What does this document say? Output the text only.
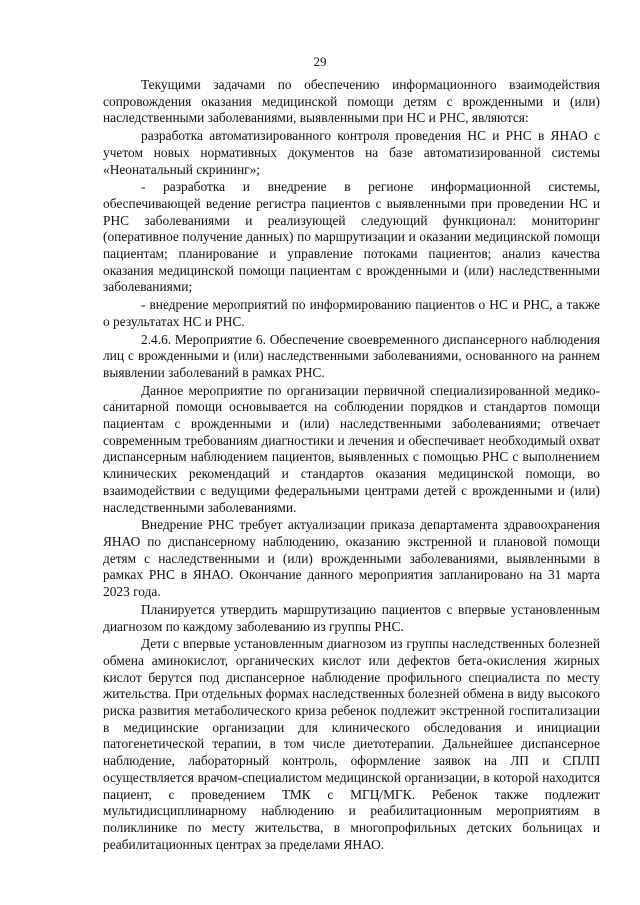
29

Текущими задачами по обеспечению информационного взаимодействия сопровождения оказания медицинской помощи детям с врожденными и (или) наследственными заболеваниями, выявленными при НС и РНС, являются:

разработка автоматизированного контроля проведения НС и РНС в ЯНАО с учетом новых нормативных документов на базе автоматизированной системы «Неонатальный скрининг»;

- разработка и внедрение в регионе информационной системы, обеспечивающей ведение регистра пациентов с выявленными при проведении НС и РНС заболеваниями и реализующей следующий функционал: мониторинг (оперативное получение данных) по маршрутизации и оказании медицинской помощи пациентам; планирование и управление потоками пациентов; анализ качества оказания медицинской помощи пациентам с врожденными и (или) наследственными заболеваниями;

- внедрение мероприятий по информированию пациентов о НС и РНС, а также о результатах НС и РНС.

2.4.6. Мероприятие 6. Обеспечение своевременного диспансерного наблюдения лиц с врожденными и (или) наследственными заболеваниями, основанного на раннем выявлении заболеваний в рамках РНС.

Данное мероприятие по организации первичной специализированной медико-санитарной помощи основывается на соблюдении порядков и стандартов помощи пациентам с врожденными и (или) наследственными заболеваниями; отвечает современным требованиям диагностики и лечения и обеспечивает необходимый охват диспансерным наблюдением пациентов, выявленных с помощью РНС с выполнением клинических рекомендаций и стандартов оказания медицинской помощи, во взаимодействии с ведущими федеральными центрами детей с врожденными и (или) наследственными заболеваниями.

Внедрение РНС требует актуализации приказа департамента здравоохранения ЯНАО по диспансерному наблюдению, оказанию экстренной и плановой помощи детям с наследственными и (или) врожденными заболеваниями, выявленными в рамках РНС в ЯНАО. Окончание данного мероприятия запланировано на 31 марта 2023 года.

Планируется утвердить маршрутизацию пациентов с впервые установленным диагнозом по каждому заболеванию из группы РНС.

Дети с впервые установленным диагнозом из группы наследственных болезней обмена аминокислот, органических кислот или дефектов бета-окисления жирных кислот берутся под диспансерное наблюдение профильного специалиста по месту жительства. При отдельных формах наследственных болезней обмена в виду высокого риска развития метаболического криза ребенок подлежит экстренной госпитализации в медицинские организации для клинического обследования и инициации патогенетической терапии, в том числе диетотерапии. Дальнейшее диспансерное наблюдение, лабораторный контроль, оформление заявок на ЛП и СПЛП осуществляется врачом-специалистом медицинской организации, в которой находится пациент, с проведением ТМК с МГЦ/МГК. Ребенок также подлежит мультидисциплинарному наблюдению и реабилитационным мероприятиям в поликлинике по месту жительства, в многопрофильных детских больницах и реабилитационных центрах за пределами ЯНАО.
